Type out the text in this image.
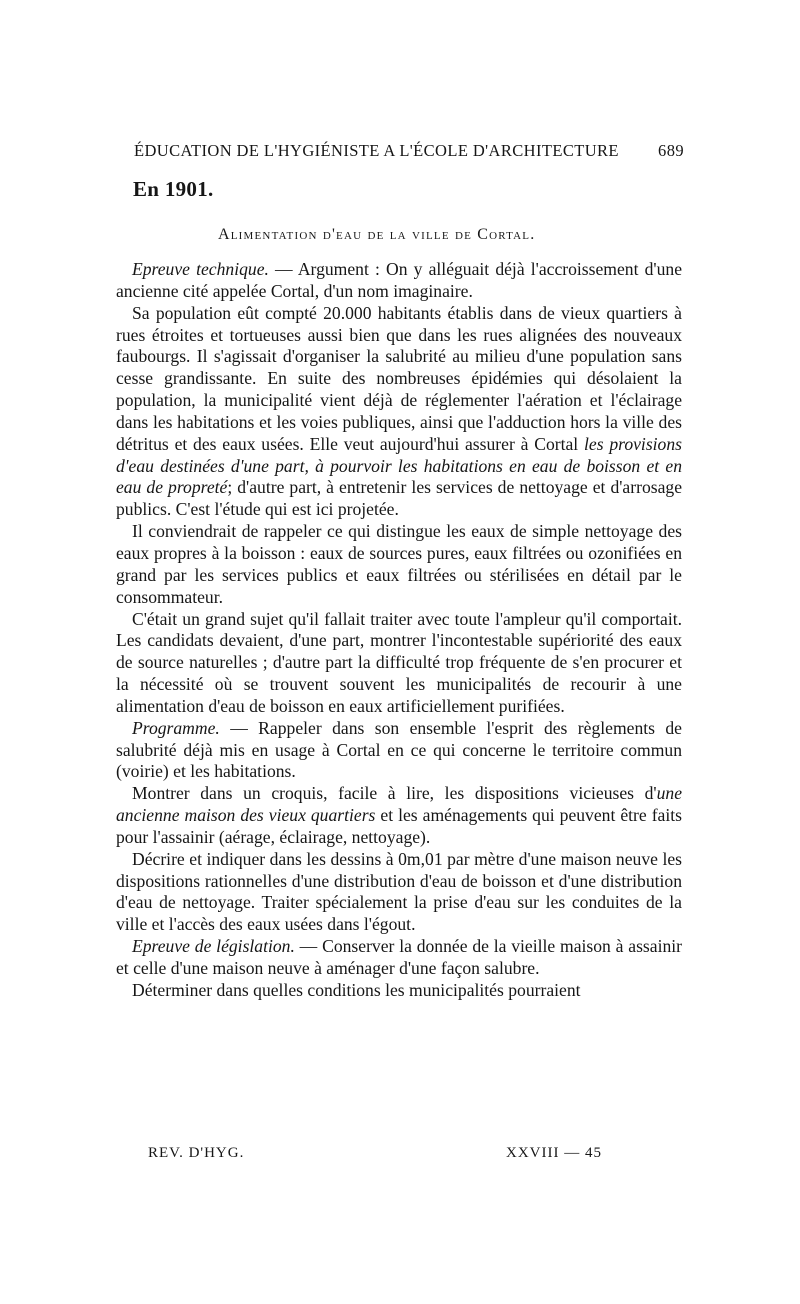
ÉDUCATION DE L'HYGIÉNISTE A L'ÉCOLE D'ARCHITECTURE 689
En 1901.
Alimentation d'eau de la ville de Cortal.

Epreuve technique. — Argument : On y alléguait déjà l'accroissement d'une ancienne cité appelée Cortal, d'un nom imaginaire.

Sa population eût compté 20.000 habitants établis dans de vieux quartiers à rues étroites et tortueuses aussi bien que dans les rues alignées des nouveaux faubourgs. Il s'agissait d'organiser la salubrité au milieu d'une population sans cesse grandissante. En suite des nombreuses épidémies qui désolaient la population, la municipalité vient déjà de réglementer l'aération et l'éclairage dans les habitations et les voies publiques, ainsi que l'adduction hors la ville des détritus et des eaux usées. Elle veut aujourd'hui assurer à Cortal les provisions d'eau destinées d'une part, à pourvoir les habitations en eau de boisson et en eau de propreté; d'autre part, à entretenir les services de nettoyage et d'arrosage publics. C'est l'étude qui est ici projetée.

Il conviendrait de rappeler ce qui distingue les eaux de simple nettoyage des eaux propres à la boisson : eaux de sources pures, eaux filtrées ou ozonifiées en grand par les services publics et eaux filtrées ou stérilisées en détail par le consommateur.

C'était un grand sujet qu'il fallait traiter avec toute l'ampleur qu'il comportait. Les candidats devaient, d'une part, montrer l'incontestable supériorité des eaux de source naturelles ; d'autre part la difficulté trop fréquente de s'en procurer et la nécessité où se trouvent souvent les municipalités de recourir à une alimentation d'eau de boisson en eaux artificiellement purifiées.

Programme. — Rappeler dans son ensemble l'esprit des règlements de salubrité déjà mis en usage à Cortal en ce qui concerne le territoire commun (voirie) et les habitations.

Montrer dans un croquis, facile à lire, les dispositions vicieuses d'une ancienne maison des vieux quartiers et les aménagements qui peuvent être faits pour l'assainir (aérage, éclairage, nettoyage).

Décrire et indiquer dans les dessins à 0m,01 par mètre d'une maison neuve les dispositions rationnelles d'une distribution d'eau de boisson et d'une distribution d'eau de nettoyage. Traiter spécialement la prise d'eau sur les conduites de la ville et l'accès des eaux usées dans l'égout.

Epreuve de législation. — Conserver la donnée de la vieille maison à assainir et celle d'une maison neuve à aménager d'une façon salubre.

Déterminer dans quelles conditions les municipalités pourraient

REV. D'HYG.	XXVIII — 45
